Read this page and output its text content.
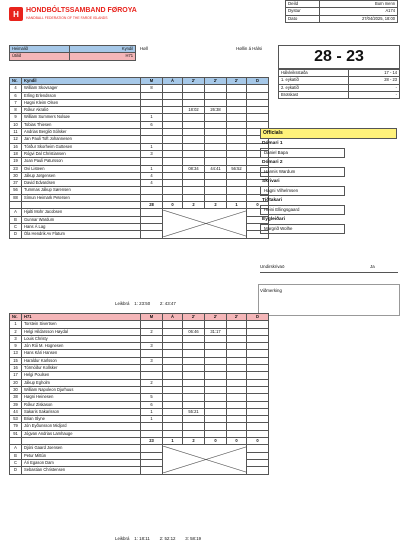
H HONDBÓLTSSAMBAND FØROYA
HANDBALL FEDERATION OF THE FAROE ISLANDS
Deild	Burn menn
Dystur	A174
Dato	27/04/2025, 18:00
Heimalið	Kyndil
Útilið	H71
Høll	Høllin á Hálsi	28 - 23
Hálvleiksstøða	17 - 14
1. eykatíð	28 - 23
2. eykatíð	-
Brotskast	-
Nr.	Kyndil	M	Á	2'	2'	2'	D
4	William Skovsager	8					
6	Erling Erlendsson						
7	Høgni Kleim Olsen						
8	Rókur Akraliō			18:02	26:38		
9	William Summers Nolsøe	1					
10	Tobias Thiesen	6					
11	Andrias Bergliō Sólsker						
12	Jan Pauli Toft Johannesen						
16	Tórður Skorheim Guttesen	1					
18	Rógvi Dal Christiansen	3					
19	Joan Pauli Patursson						
23	Ovi Listeen	1		08:34	44:41	56:52	
30	Jákup Jørgensen	4					
37	David Edvardsen	4					
56	Tummas Jákup Sørensen						
88	Símun Heimark Petersen						
		28	0	2	2	1	0
A	Hjalti Mohr Jacobsen		

B	Gunnar Wardum						
C	Hans Á Lag						
D	Óla Hendrik Av Flatum						
Leikbrá    1: 23:50        2: 43:47
Officials
Dómari 1
Daniel Bapa
Dómari 2
Hannis Wardum
Skrivari
Hagni Vilhelmsen
Tíðtakari
Heini Ellingsgaard
Eygleiðari
Margrið Wolhe
Undirskrivaō	Ja
Viðmerking
Nr.	H71	M	Á	2'	2'	2'	D
1	Torstein Sivertsen						
2	Helgi Hildarsson Høydal	2		06:46	31:17		
3	Louis Christy						
9	Jón Rói M. Hognesen	3					
13	Hans Kári Hansen						
15	Haraldur Karlsson	3					
16	Tórmóður Kollsker						
17	Helgi Poulsen						
20	Jákup Egholm	2					
30	William Napoleon Djurhuus						
38	Høgni Heinesen	5					
39	Rókur Zisk​ason	6					
44	Sakaris Sakarisson	1		55:21			
53	Brian Slyne	1					
79	Jón Eyðunsson Midjord						
91	Jógvan Andrias Lamhauge						
		23	1	2	0	0	0
A	Djóni Gaard Joensen		

B	Petur Mittún						
C	Ári Egason Dam						
D	Sebastian Christensen						
Leikbrá    1: 18:11        2: 52:12        3: 58:19
